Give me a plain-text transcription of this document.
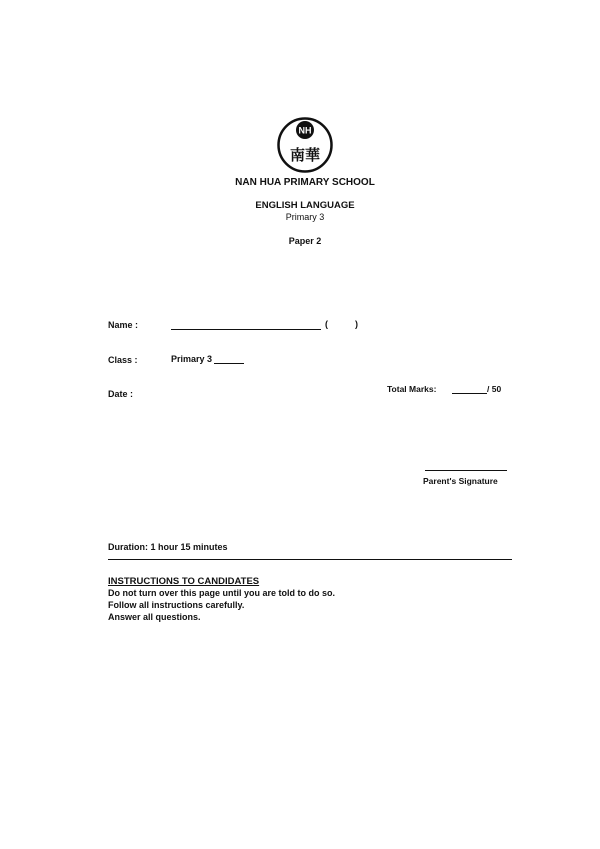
NH
南華
NAN HUA PRIMARY SCHOOL
ENGLISH LANGUAGE
Primary 3
Paper 2
Name :	(	)
Class :	Primary 3
Date :	Total Marks:	/ 50
Parent's Signature
Duration: 1 hour 15 minutes
INSTRUCTIONS TO CANDIDATES
Do not turn over this page until you are told to do so.
Follow all instructions carefully.
Answer all questions.
